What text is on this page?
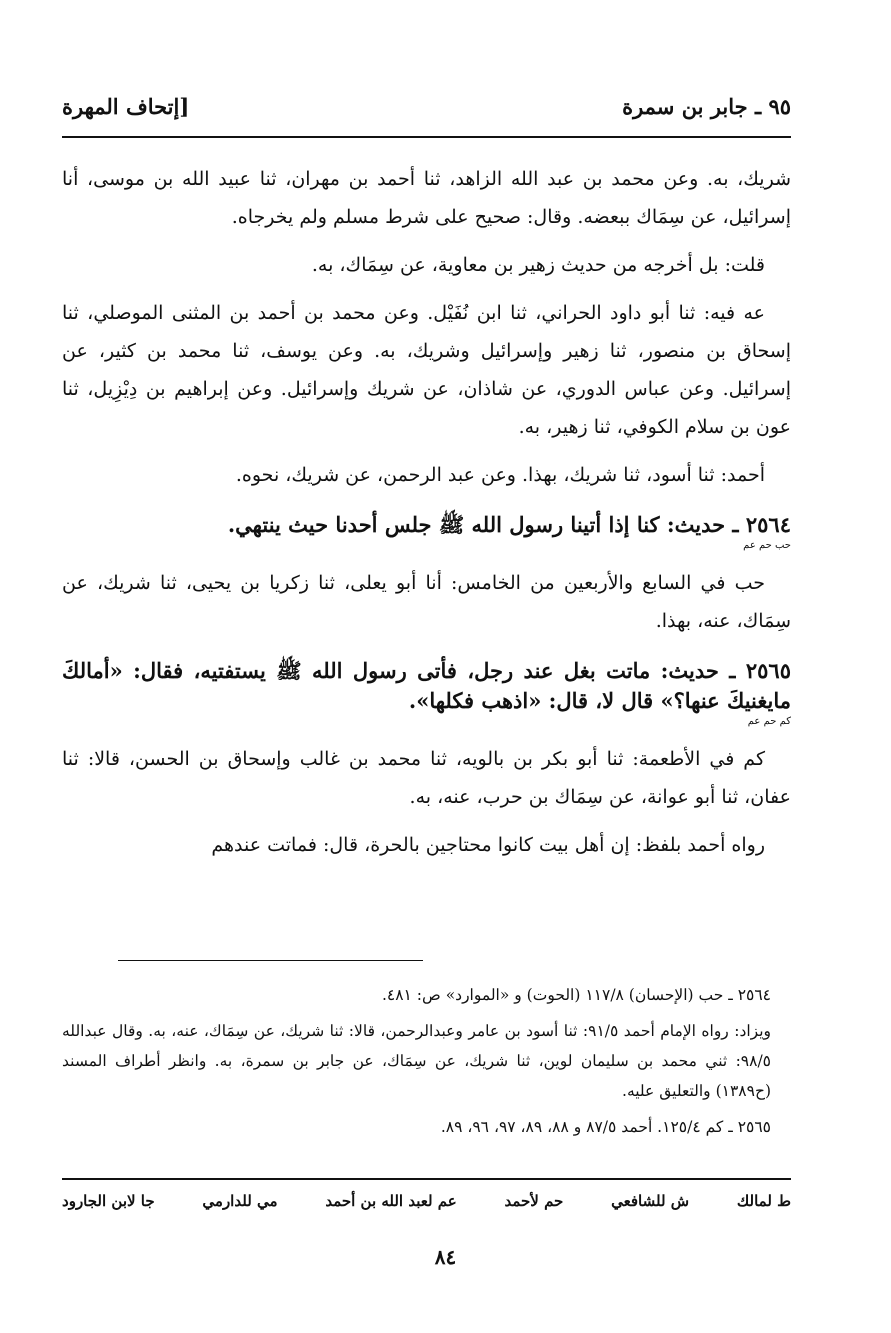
٩٥ ـ جابر بن سمرة
[إتحاف المهرة

شريك، به. وعن محمد بن عبد الله الزاهد، ثنا أحمد بن مهران، ثنا عبيد الله بن موسى، أنا إسرائيل، عن سِمَاك ببعضه. وقال: صحيح على شرط مسلم ولم يخرجاه.

قلت: بل أخرجه من حديث زهير بن معاوية، عن سِمَاك، به.

عه فيه: ثنا أبو داود الحراني، ثنا ابن نُفَيْل. وعن محمد بن أحمد بن المثنى الموصلي، ثنا إسحاق بن منصور، ثنا زهير وإسرائيل وشريك، به. وعن يوسف، ثنا محمد بن كثير، عن إسرائيل. وعن عباس الدوري، عن شاذان، عن شريك وإسرائيل. وعن إبراهيم بن دِيْزِيل، ثنا عون بن سلام الكوفي، ثنا زهير، به.

أحمد: ثنا أسود، ثنا شريك، بهذا. وعن عبد الرحمن، عن شريك، نحوه.

٢٥٦٤ ـ حديث: كنا إذا أتينا رسول الله ﷺ جلس أحدنا حيث ينتهي.
حب حم عم

حب في السابع والأربعين من الخامس: أنا أبو يعلى، ثنا زكريا بن يحيى، ثنا شريك، عن سِمَاك، عنه، بهذا.

٢٥٦٥ ـ حديث: ماتت بغل عند رجل، فأتى رسول الله ﷺ يستفتيه، فقال: «أمالكَ مايغنيكَ عنها؟» قال لا، قال: «اذهب فكلها».
كم حم عم

كم في الأطعمة: ثنا أبو بكر بن بالويه، ثنا محمد بن غالب وإسحاق بن الحسن، قالا: ثنا عفان، ثنا أبو عوانة، عن سِمَاك بن حرب، عنه، به.

رواه أحمد بلفظ: إن أهل بيت كانوا محتاجين بالحرة، قال: فماتت عندهم

٢٥٦٤ ـ حب (الإحسان) ١١٧/٨ (الحوت) و «الموارد» ص: ٤٨١.

ويزاد: رواه الإمام أحمد ٩١/٥: ثنا أسود بن عامر وعبدالرحمن، قالا: ثنا شريك، عن سِمَاك، عنه، به. وقال عبدالله ٩٨/٥: ثني محمد بن سليمان لوين، ثنا شريك، عن سِمَاك، عن جابر بن سمرة، به. وانظر أطراف المسند (ح١٣٨٩) والتعليق عليه.

٢٥٦٥ ـ كم ١٢٥/٤. أحمد ٨٧/٥ و ٨٨، ٨٩، ٩٧، ٩٦، ٨٩.

ط لمالك
ش للشافعي
حم لأحمد
عم لعبد الله بن أحمد
مي للدارمي
جا لابن الجارود
٨٤
